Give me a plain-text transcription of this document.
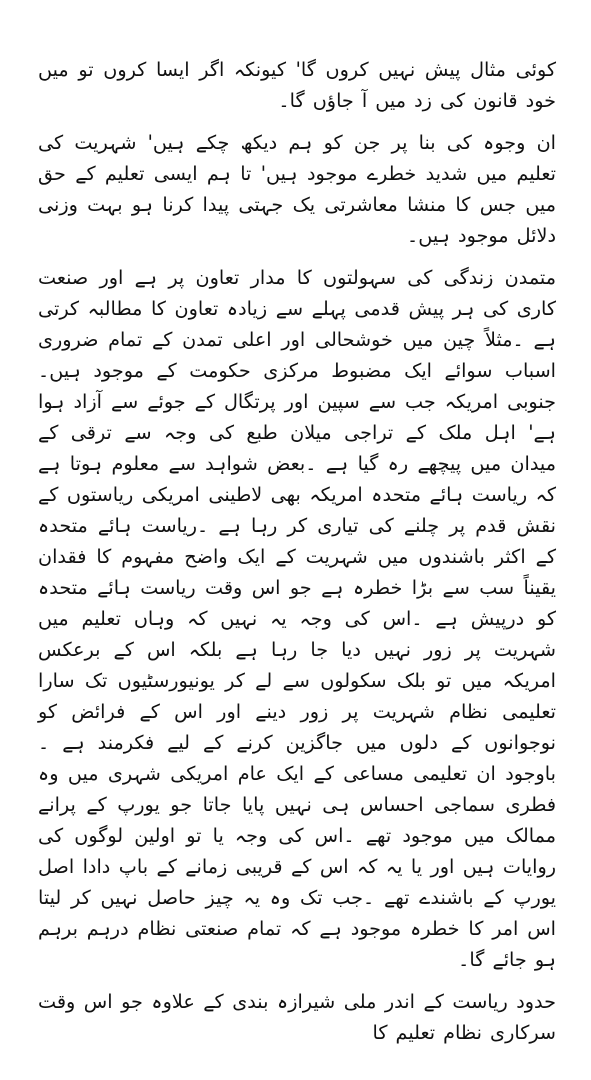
کوئی مثال پیش نہیں کروں گا' کیونکہ اگر ایسا کروں تو میں خود قانون کی زد میں آ جاؤں گا۔

ان وجوہ کی بنا پر جن کو ہم دیکھ چکے ہیں' شہریت کی تعلیم میں شدید خطرے موجود ہیں' تا ہم ایسی تعلیم کے حق میں جس کا منشا معاشرتی یک جہتی پیدا کرنا ہو بہت وزنی دلائل موجود ہیں۔

متمدن زندگی کی سہولتوں کا مدار تعاون پر ہے اور صنعت کاری کی ہر پیش قدمی پہلے سے زیادہ تعاون کا مطالبہ کرتی ہے ۔مثلاً چین میں خوشحالی اور اعلی تمدن کے تمام ضروری اسباب سوائے ایک مضبوط مرکزی حکومت کے موجود ہیں۔جنوبی امریکہ جب سے سپین اور پرتگال کے جوئے سے آزاد ہوا ہے' اہل ملک کے تراجی میلان طبع کی وجہ سے ترقی کے میدان میں پیچھے رہ گیا ہے ۔بعض شواہد سے معلوم ہوتا ہے کہ ریاست ہائے متحدہ امریکہ بھی لاطینی امریکی ریاستوں کے نقش قدم پر چلنے کی تیاری کر رہا ہے ۔ریاست ہائے متحدہ کے اکثر باشندوں میں شہریت کے ایک واضح مفہوم کا فقدان یقیناً سب سے بڑا خطرہ ہے جو اس وقت ریاست ہائے متحدہ کو درپیش ہے ۔اس کی وجہ یہ نہیں کہ وہاں تعلیم میں شہریت پر زور نہیں دیا جا رہا ہے بلکہ اس کے برعکس امریکہ میں تو بلک سکولوں سے لے کر یونیورسٹیوں تک سارا تعلیمی نظام شہریت پر زور دینے اور اس کے فرائض کو نوجوانوں کے دلوں میں جاگزین کرنے کے لیے فکرمند ہے ۔باوجود ان تعلیمی مساعی کے ایک عام امریکی شہری میں وہ فطری سماجی احساس ہی نہیں پایا جاتا جو یورپ کے پرانے ممالک میں موجود تھے ۔اس کی وجہ یا تو اولین لوگوں کی روایات ہیں اور یا یہ کہ اس کے قریبی زمانے کے باپ دادا اصل یورپ کے باشندے تھے ۔جب تک وہ یہ چیز حاصل نہیں کر لیتا اس امر کا خطرہ موجود ہے کہ تمام صنعتی نظام درہم برہم ہو جائے گا۔

حدود ریاست کے اندر ملی شیرازہ بندی کے علاوہ جو اس وقت سرکاری نظام تعلیم کا
